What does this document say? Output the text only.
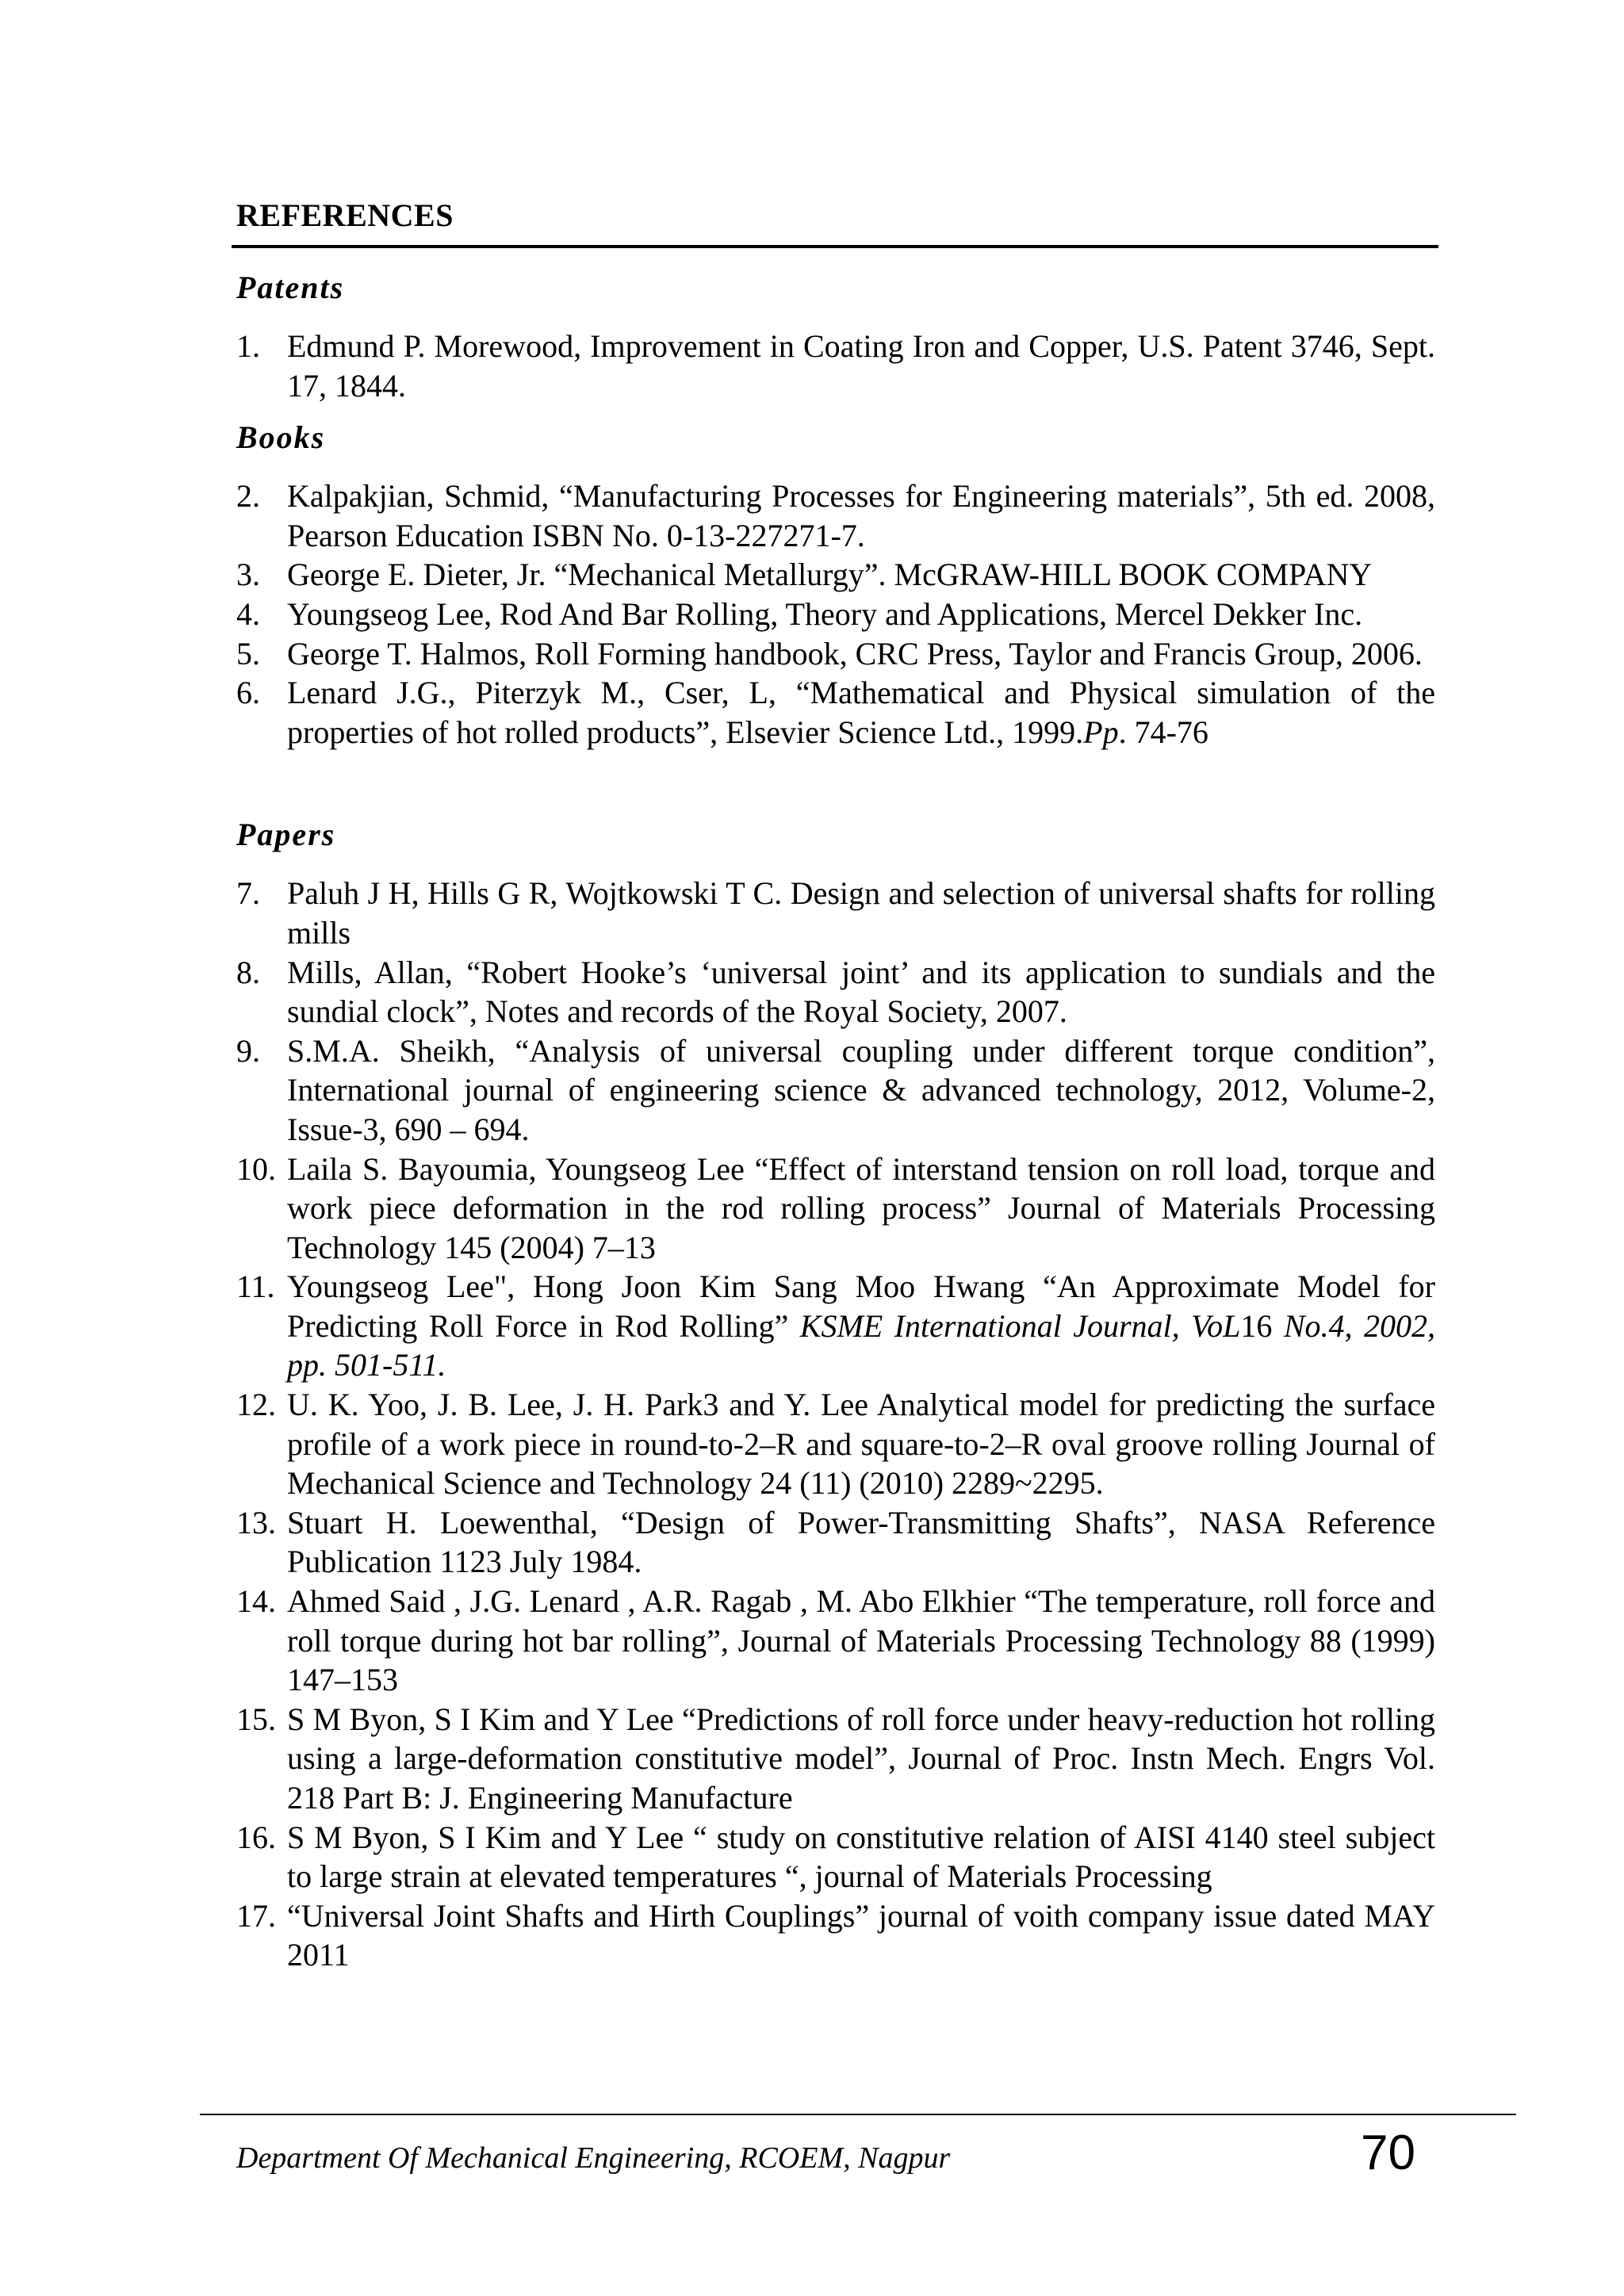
REFERENCES
Patents
1. Edmund P. Morewood, Improvement in Coating Iron and Copper, U.S. Patent 3746, Sept. 17, 1844.
Books
2. Kalpakjian, Schmid, “Manufacturing Processes for Engineering materials”, 5th ed. 2008, Pearson Education ISBN No. 0-13-227271-7.
3. George E. Dieter, Jr. “Mechanical Metallurgy”. McGRAW-HILL BOOK COMPANY
4. Youngseog Lee, Rod And Bar Rolling, Theory and Applications, Mercel Dekker Inc.
5. George T. Halmos, Roll Forming handbook, CRC Press, Taylor and Francis Group, 2006.
6. Lenard J.G., Piterzyk M., Cser, L, “Mathematical and Physical simulation of the properties of hot rolled products”, Elsevier Science Ltd., 1999.Pp. 74-76
Papers
7. Paluh J H, Hills G R, Wojtkowski T C. Design and selection of universal shafts for rolling mills
8. Mills, Allan, “Robert Hooke’s ‘universal joint’ and its application to sundials and the sundial clock”, Notes and records of the Royal Society, 2007.
9. S.M.A. Sheikh, “Analysis of universal coupling under different torque condition”, International journal of engineering science & advanced technology, 2012, Volume-2, Issue-3, 690 – 694.
10. Laila S. Bayoumia, Youngseog Lee “Effect of interstand tension on roll load, torque and work piece deformation in the rod rolling process” Journal of Materials Processing Technology 145 (2004) 7–13
11. Youngseog Lee", Hong Joon Kim Sang Moo Hwang “An Approximate Model for Predicting Roll Force in Rod Rolling” KSME International Journal, VoL16 No.4, 2002, pp. 501-511.
12. U. K. Yoo, J. B. Lee, J. H. Park3 and Y. Lee Analytical model for predicting the surface profile of a work piece in round-to-2–R and square-to-2–R oval groove rolling Journal of Mechanical Science and Technology 24 (11) (2010) 2289~2295.
13. Stuart H. Loewenthal, “Design of Power-Transmitting Shafts”, NASA Reference Publication 1123 July 1984.
14. Ahmed Said , J.G. Lenard , A.R. Ragab , M. Abo Elkhier “The temperature, roll force and roll torque during hot bar rolling”, Journal of Materials Processing Technology 88 (1999) 147–153
15. S M Byon, S I Kim and Y Lee “Predictions of roll force under heavy-reduction hot rolling using a large-deformation constitutive model”, Journal of Proc. Instn Mech. Engrs Vol. 218 Part B: J. Engineering Manufacture
16. S M Byon, S I Kim and Y Lee “ study on constitutive relation of AISI 4140 steel subject to large strain at elevated temperatures “, journal of Materials Processing
17. “Universal Joint Shafts and Hirth Couplings” journal of voith company issue dated MAY 2011
Department Of Mechanical Engineering, RCOEM, Nagpur	70
